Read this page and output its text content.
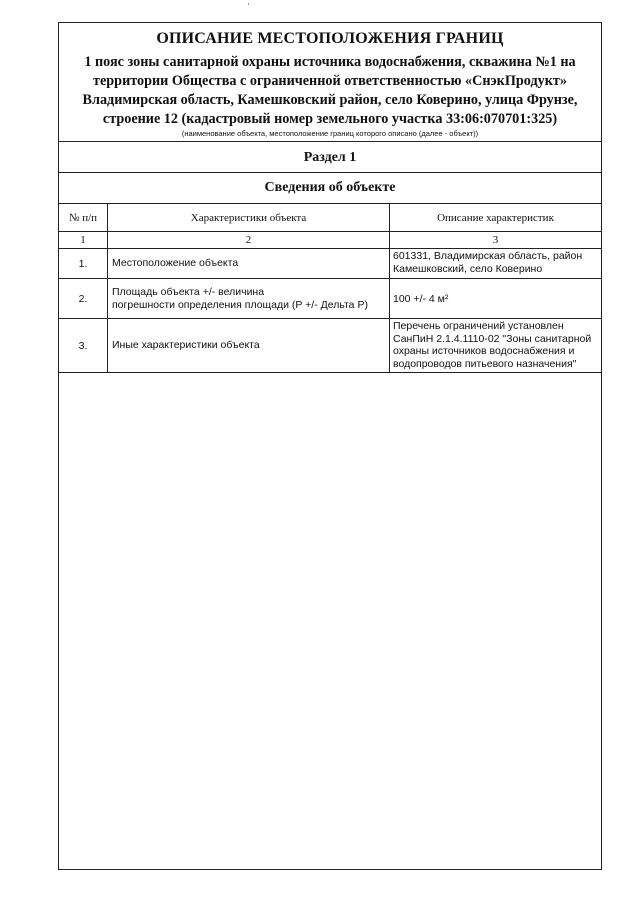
ОПИСАНИЕ МЕСТОПОЛОЖЕНИЯ ГРАНИЦ
1 пояс зоны санитарной охраны источника водоснабжения, скважина №1 на
территории Общества с ограниченной ответственностью «СнэкПродукт»
Владимирская область, Камешковский район, село Коверино, улица Фрунзе,
строение 12 (кадастровый номер земельного участка 33:06:070701:325)
(наименование объекта, местоположение границ которого описано (далее - объект))
Раздел 1
Сведения об объекте
№ п/п	Характеристики объекта	Описание характеристик
1	2	3
1.	Местоположение объекта	601331, Владимирская область, район
Камешковский, село Коверино
2.	Площадь объекта +/- величина
погрешности определения площади (P +/- Дельта P)	100 +/- 4 м²
3.	Иные характеристики объекта	Перечень ограничений установлен
СанПиН 2.1.4.1110-02 "Зоны санитарной
охраны источников водоснабжения и
водопроводов питьевого назначения"
